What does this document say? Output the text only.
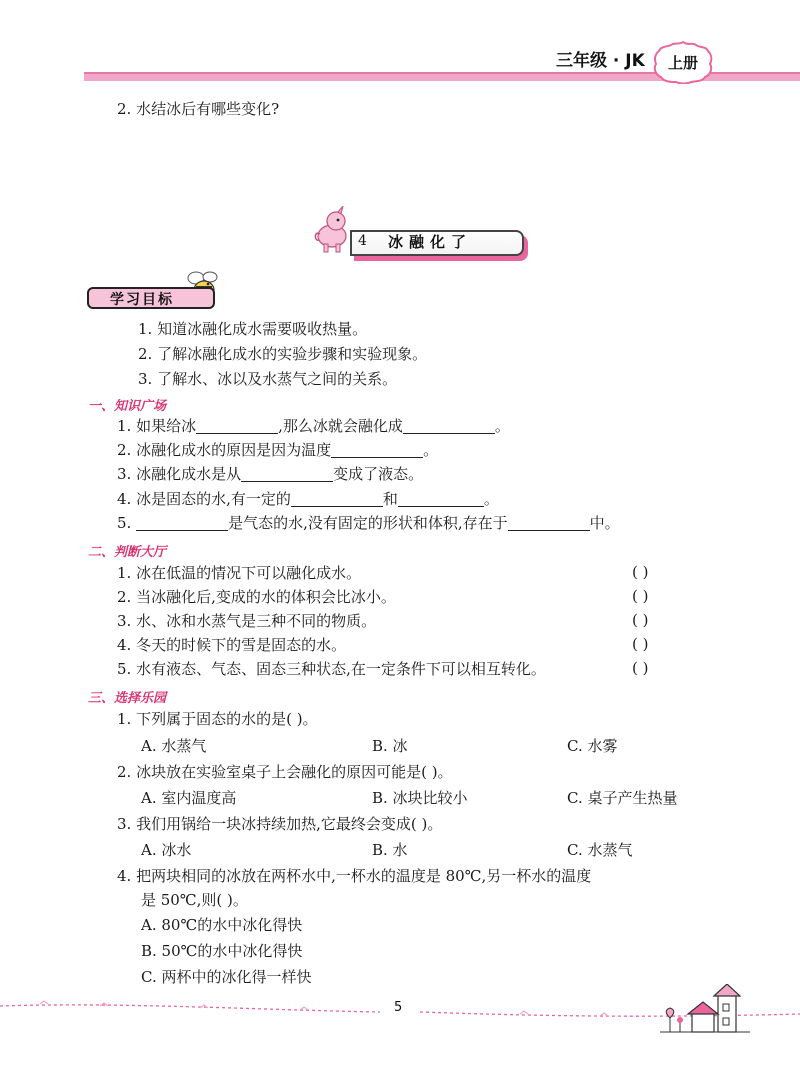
三年级 · JK	上册
2. 水结冰后有哪些变化?
4 冰融化了
学习目标
1. 知道冰融化成水需要吸收热量。
2. 了解冰融化成水的实验步骤和实验现象。
3. 了解水、冰以及水蒸气之间的关系。
一、知识广场
1. 如果给冰	,那么冰就会融化成	。
2. 冰融化成水的原因是因为温度	。
3. 冰融化成水是从	变成了液态。
4. 冰是固态的水,有一定的	和	。
5.	是气态的水,没有固定的形状和体积,存在于	中。
二、判断大厅
1. 冰在低温的情况下可以融化成水。	( )
2. 当冰融化后,变成的水的体积会比冰小。	( )
3. 水、冰和水蒸气是三种不同的物质。	( )
4. 冬天的时候下的雪是固态的水。	( )
5. 水有液态、气态、固态三种状态,在一定条件下可以相互转化。	( )
三、选择乐园
1. 下列属于固态的水的是( )。
A. 水蒸气	B. 冰	C. 水雾
2. 冰块放在实验室桌子上会融化的原因可能是( )。
A. 室内温度高	B. 冰块比较小	C. 桌子产生热量
3. 我们用锅给一块冰持续加热,它最终会变成( )。
A. 冰水	B. 水	C. 水蒸气
4. 把两块相同的冰放在两杯水中,一杯水的温度是 80℃,另一杯水的温度
是 50℃,则( )。
A. 80℃的水中冰化得快
B. 50℃的水中冰化得快
C. 两杯中的冰化得一样快
5
